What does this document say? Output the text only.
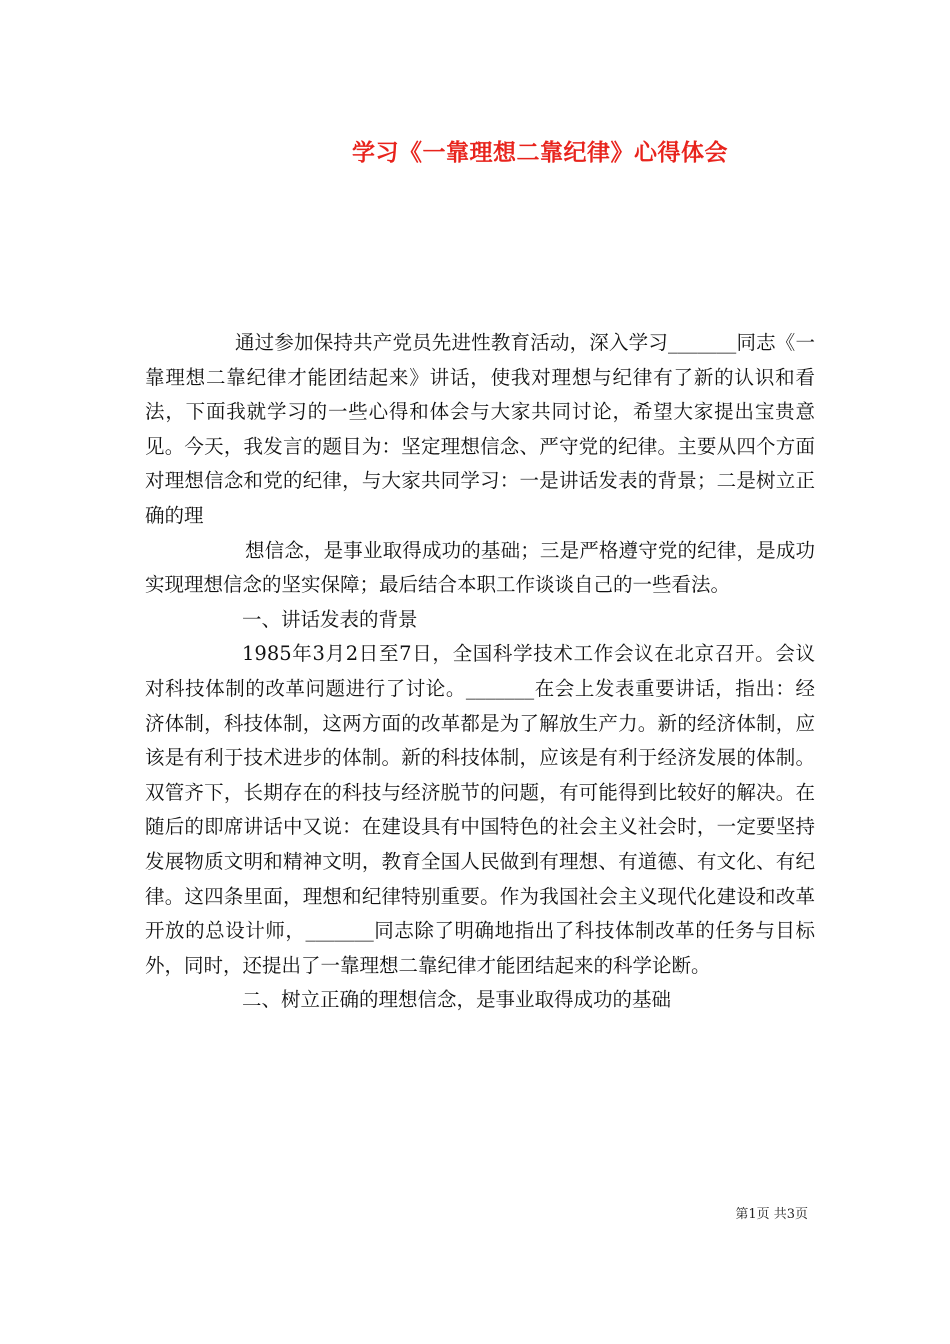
学习《一靠理想二靠纪律》心得体会

通过参加保持共产党员先进性教育活动，深入学习_______同志《一靠理想二靠纪律才能团结起来》讲话，使我对理想与纪律有了新的认识和看法，下面我就学习的一些心得和体会与大家共同讨论，希望大家提出宝贵意见。今天，我发言的题目为：坚定理想信念、严守党的纪律。主要从四个方面对理想信念和党的纪律，与大家共同学习：一是讲话发表的背景；二是树立正确的理

想信念，是事业取得成功的基础；三是严格遵守党的纪律，是成功实现理想信念的坚实保障；最后结合本职工作谈谈自己的一些看法。

一、讲话发表的背景

1985年3月2日至7日，全国科学技术工作会议在北京召开。会议对科技体制的改革问题进行了讨论。_______在会上发表重要讲话，指出：经济体制，科技体制，这两方面的改革都是为了解放生产力。新的经济体制，应该是有利于技术进步的体制。新的科技体制，应该是有利于经济发展的体制。双管齐下，长期存在的科技与经济脱节的问题，有可能得到比较好的解决。在随后的即席讲话中又说：在建设具有中国特色的社会主义社会时，一定要坚持发展物质文明和精神文明，教育全国人民做到有理想、有道德、有文化、有纪律。这四条里面，理想和纪律特别重要。作为我国社会主义现代化建设和改革开放的总设计师，_______同志除了明确地指出了科技体制改革的任务与目标外，同时，还提出了一靠理想二靠纪律才能团结起来的科学论断。

二、树立正确的理想信念，是事业取得成功的基础

第1页 共3页
